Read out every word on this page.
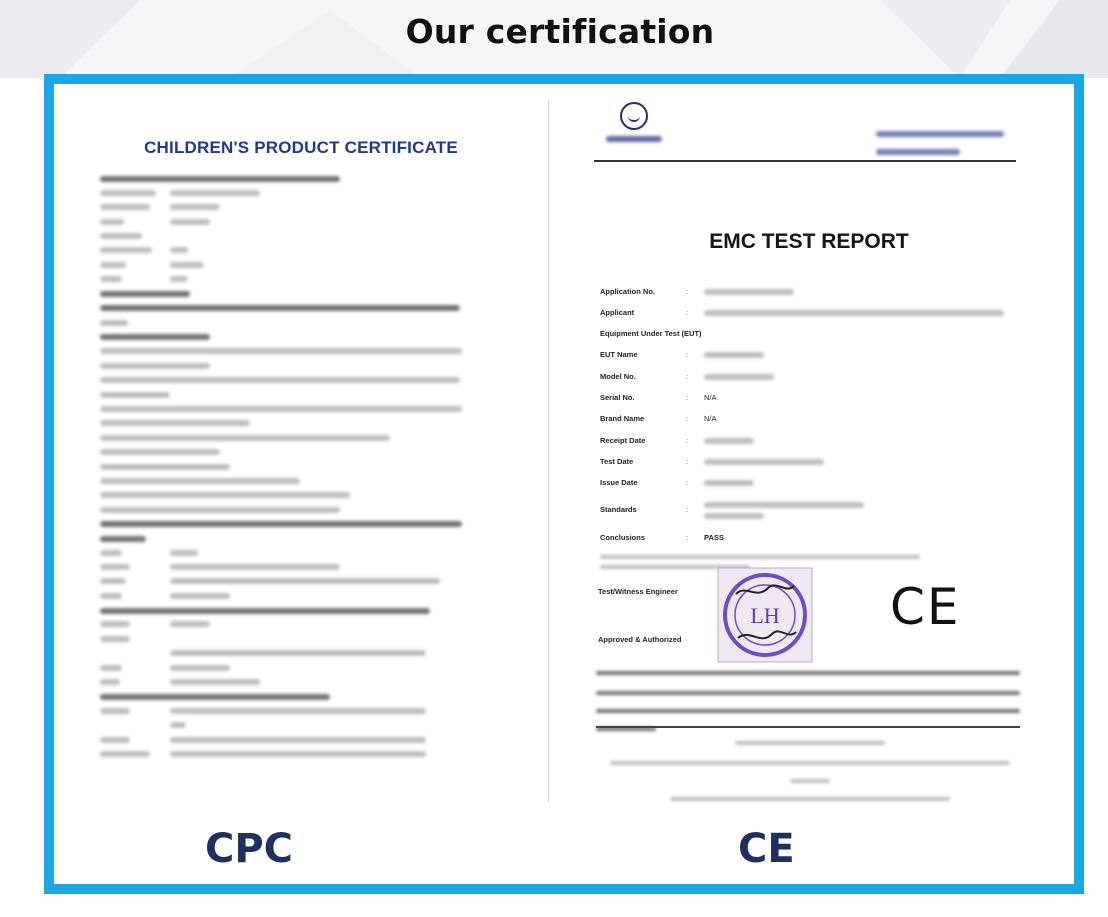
Our certification
CHILDREN'S PRODUCT CERTIFICATE
EMC TEST REPORT
Application No.	:
Applicant	:
Equipment Under Test (EUT)
EUT Name	:
Model No.	:
Serial No.	:	N/A
Brand Name	:	N/A
Receipt Date	:
Test Date	:
Issue Date	:
Standards	:

Conclusions	:	PASS

Test/Witness Engineer
Approved & Authorized
LH CE

CPC	CE
